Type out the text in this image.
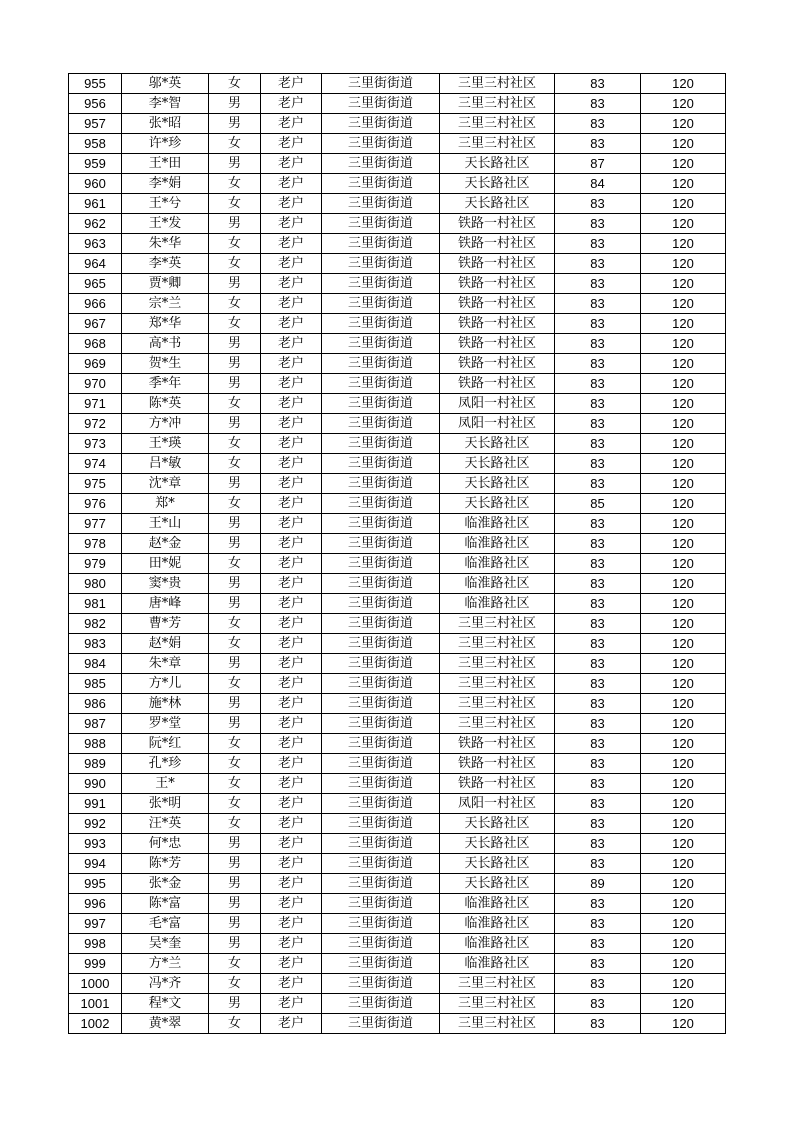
955	邬*英	女	老户	三里街街道	三里三村社区	83	120
956	李*智	男	老户	三里街街道	三里三村社区	83	120
957	张*昭	男	老户	三里街街道	三里三村社区	83	120
958	许*珍	女	老户	三里街街道	三里三村社区	83	120
959	王*田	男	老户	三里街街道	天长路社区	87	120
960	李*娟	女	老户	三里街街道	天长路社区	84	120
961	王*兮	女	老户	三里街街道	天长路社区	83	120
962	王*发	男	老户	三里街街道	铁路一村社区	83	120
963	朱*华	女	老户	三里街街道	铁路一村社区	83	120
964	李*英	女	老户	三里街街道	铁路一村社区	83	120
965	贾*卿	男	老户	三里街街道	铁路一村社区	83	120
966	宗*兰	女	老户	三里街街道	铁路一村社区	83	120
967	郑*华	女	老户	三里街街道	铁路一村社区	83	120
968	高*书	男	老户	三里街街道	铁路一村社区	83	120
969	贺*生	男	老户	三里街街道	铁路一村社区	83	120
970	季*年	男	老户	三里街街道	铁路一村社区	83	120
971	陈*英	女	老户	三里街街道	凤阳一村社区	83	120
972	方*冲	男	老户	三里街街道	凤阳一村社区	83	120
973	王*瑛	女	老户	三里街街道	天长路社区	83	120
974	吕*敏	女	老户	三里街街道	天长路社区	83	120
975	沈*章	男	老户	三里街街道	天长路社区	83	120
976	郑*	女	老户	三里街街道	天长路社区	85	120
977	王*山	男	老户	三里街街道	临淮路社区	83	120
978	赵*金	男	老户	三里街街道	临淮路社区	83	120
979	田*妮	女	老户	三里街街道	临淮路社区	83	120
980	窦*贵	男	老户	三里街街道	临淮路社区	83	120
981	唐*峰	男	老户	三里街街道	临淮路社区	83	120
982	曹*芳	女	老户	三里街街道	三里三村社区	83	120
983	赵*娟	女	老户	三里街街道	三里三村社区	83	120
984	朱*章	男	老户	三里街街道	三里三村社区	83	120
985	方*儿	女	老户	三里街街道	三里三村社区	83	120
986	施*林	男	老户	三里街街道	三里三村社区	83	120
987	罗*堂	男	老户	三里街街道	三里三村社区	83	120
988	阮*红	女	老户	三里街街道	铁路一村社区	83	120
989	孔*珍	女	老户	三里街街道	铁路一村社区	83	120
990	王*	女	老户	三里街街道	铁路一村社区	83	120
991	张*明	女	老户	三里街街道	凤阳一村社区	83	120
992	汪*英	女	老户	三里街街道	天长路社区	83	120
993	何*忠	男	老户	三里街街道	天长路社区	83	120
994	陈*芳	男	老户	三里街街道	天长路社区	83	120
995	张*金	男	老户	三里街街道	天长路社区	89	120
996	陈*富	男	老户	三里街街道	临淮路社区	83	120
997	毛*富	男	老户	三里街街道	临淮路社区	83	120
998	吴*奎	男	老户	三里街街道	临淮路社区	83	120
999	方*兰	女	老户	三里街街道	临淮路社区	83	120
1000	冯*齐	女	老户	三里街街道	三里三村社区	83	120
1001	程*文	男	老户	三里街街道	三里三村社区	83	120
1002	黄*翠	女	老户	三里街街道	三里三村社区	83	120
